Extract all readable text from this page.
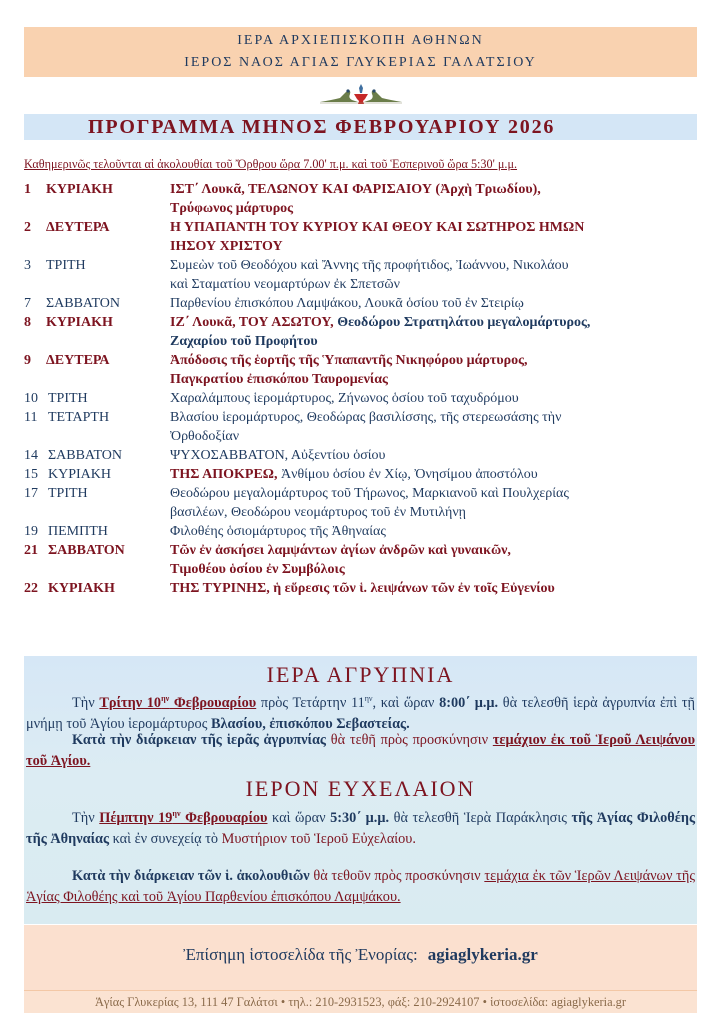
ΙΕΡΑ ΑΡΧΙΕΠΙΣΚΟΠΗ ΑΘΗΝΩΝ
ΙΕΡΟΣ ΝΑΟΣ ΑΓΙΑΣ ΓΛΥΚΕΡΙΑΣ ΓΑΛΑΤΣΙΟΥ
ΠΡΟΓΡΑΜΜΑ ΜΗΝΟΣ ΦΕΒΡΟΥΑΡΙΟΥ 2026
Καθημερινῶς τελοῦνται αἱ ἀκολουθίαι τοῦ Ὄρθρου ὥρα 7.00' π.μ. καὶ τοῦ Ἑσπερινοῦ ὥρα 5:30' μ.μ.
1	ΚΥΡΙΑΚΗ	ΙΣΤ΄ Λουκᾶ, ΤΕΛΩΝΟΥ ΚΑΙ ΦΑΡΙΣΑΙΟΥ (Ἀρχὴ Τριωδίου),
Τρύφωνος μάρτυρος
2	ΔΕΥΤΕΡΑ	Η ΥΠΑΠΑΝΤΗ ΤΟΥ ΚΥΡΙΟΥ ΚΑΙ ΘΕΟΥ ΚΑΙ ΣΩΤΗΡΟΣ ΗΜΩΝ
ΙΗΣΟΥ ΧΡΙΣΤΟΥ
3	ΤΡΙΤΗ	Συμεὼν τοῦ Θεοδόχου καὶ Ἄννης τῆς προφήτιδος, Ἰωάννου, Νικολάου
καὶ Σταματίου νεομαρτύρων ἐκ Σπετσῶν
7	ΣΑΒΒΑΤΟΝ	Παρθενίου ἐπισκόπου Λαμψάκου, Λουκᾶ ὁσίου τοῦ ἐν Στειρίῳ
8	ΚΥΡΙΑΚΗ	ΙΖ΄ Λουκᾶ, ΤΟΥ ΑΣΩΤΟΥ, Θεοδώρου Στρατηλάτου μεγαλομάρτυρος,
Ζαχαρίου τοῦ Προφήτου
9	ΔΕΥΤΕΡΑ	Ἀπόδοσις τῆς ἑορτῆς τῆς Ὑπαπαντῆς Νικηφόρου μάρτυρος,
Παγκρατίου ἐπισκόπου Ταυρομενίας
10 ΤΡΙΤΗ	Χαραλάμπους ἱερομάρτυρος, Ζήνωνος ὁσίου τοῦ ταχυδρόμου
11 ΤΕΤΑΡΤΗ	Βλασίου ἱερομάρτυρος, Θεοδώρας βασιλίσσης, τῆς στερεωσάσης τὴν
Ὀρθοδοξίαν
14 ΣΑΒΒΑΤΟΝ	ΨΥΧΟΣΑΒΒΑΤΟΝ, Αὐξεντίου ὁσίου
15 ΚΥΡΙΑΚΗ	ΤΗΣ ΑΠΟΚΡΕΩ, Ἀνθίμου ὁσίου ἐν Χίῳ, Ὀνησίμου ἀποστόλου
17 ΤΡΙΤΗ	Θεοδώρου μεγαλομάρτυρος τοῦ Τήρωνος, Μαρκιανοῦ καὶ Πουλχερίας
βασιλέων, Θεοδώρου νεομάρτυρος τοῦ ἐν Μυτιλήνῃ
19 ΠΕΜΠΤΗ	Φιλοθέης ὁσιομάρτυρος τῆς Ἀθηναίας
21 ΣΑΒΒΑΤΟΝ	Τῶν ἐν ἀσκήσει λαμψάντων ἁγίων ἀνδρῶν καὶ γυναικῶν,
Τιμοθέου ὁσίου ἐν Συμβόλοις
22 ΚΥΡΙΑΚΗ	ΤΗΣ ΤΥΡΙΝΗΣ, ἡ εὕρεσις τῶν ἱ. λειψάνων τῶν ἐν τοῖς Εὐγενίου
ΙΕΡΑ ΑΓΡΥΠΝΙΑ
Τὴν Τρίτην $10^{\eta\nu}$ Φεβρουαρίου πρὸς Τετάρτην $11^{\eta\nu}$, καὶ ὥραν 8:00΄ μ.μ. θὰ τελεσθῆ ἱερὰ ἀγρυπνία ἐπὶ τῇ μνήμῃ τοῦ Ἁγίου ἱερομάρτυρος Βλασίου, ἐπισκόπου Σεβαστείας.
Κατὰ τὴν διάρκειαν τῆς ἱερᾶς ἀγρυπνίας θὰ τεθῆ πρὸς προσκύνησιν τεμάχιον ἐκ τοῦ Ἱεροῦ Λειψάνου τοῦ Ἁγίου.
ΙΕΡΟΝ ΕΥΧΕΛΑΙΟΝ
Τὴν Πέμπτην $19^{\eta\nu}$ Φεβρουαρίου καὶ ὥραν 5:30΄ μ.μ. θὰ τελεσθῆ Ἱερὰ Παράκλησις τῆς Ἁγίας Φιλοθέης τῆς Ἀθηναίας καὶ ἐν συνεχείᾳ τὸ Μυστήριον τοῦ Ἱεροῦ Εὐχελαίου.
Κατὰ τὴν διάρκειαν τῶν ἱ. ἀκολουθιῶν θὰ τεθοῦν πρὸς προσκύνησιν τεμάχια ἐκ τῶν Ἱερῶν Λειψάνων τῆς Ἁγίας Φιλοθέης καὶ τοῦ Ἁγίου Παρθενίου ἐπισκόπου Λαμψάκου.
Ἐπίσημη ἱστοσελίδα τῆς Ἐνορίας: agiaglykeria.gr
Ἁγίας Γλυκερίας 13, 111 47 Γαλάτσι • τηλ.: 210-2931523, φάξ: 210-2924107 • ἱστοσελίδα: agiaglykeria.gr
